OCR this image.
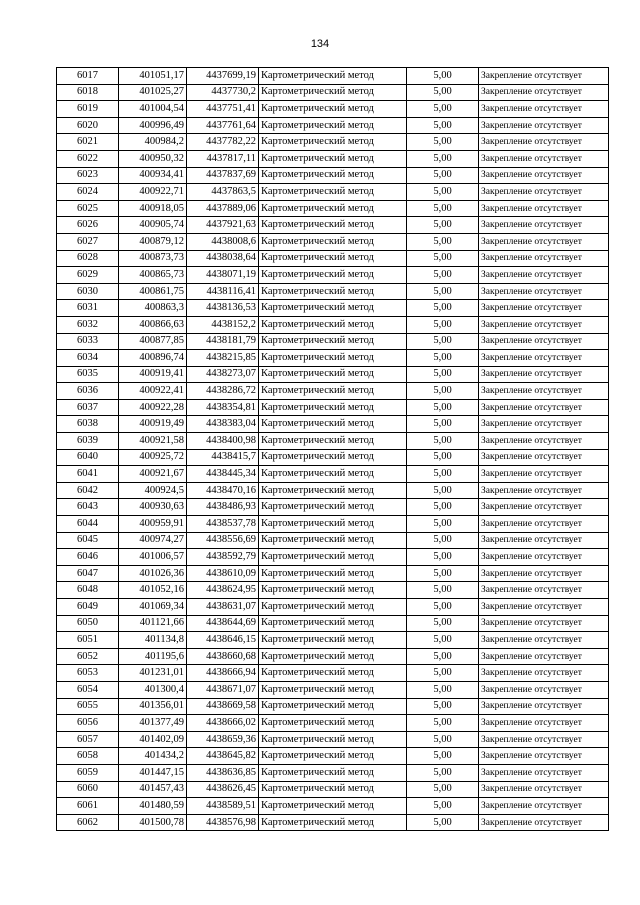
134
6017	401051,17	4437699,19	Картометрический метод	5,00	Закрепление отсутствует
6018	401025,27	4437730,2	Картометрический метод	5,00	Закрепление отсутствует
6019	401004,54	4437751,41	Картометрический метод	5,00	Закрепление отсутствует
6020	400996,49	4437761,64	Картометрический метод	5,00	Закрепление отсутствует
6021	400984,2	4437782,22	Картометрический метод	5,00	Закрепление отсутствует
6022	400950,32	4437817,11	Картометрический метод	5,00	Закрепление отсутствует
6023	400934,41	4437837,69	Картометрический метод	5,00	Закрепление отсутствует
6024	400922,71	4437863,5	Картометрический метод	5,00	Закрепление отсутствует
6025	400918,05	4437889,06	Картометрический метод	5,00	Закрепление отсутствует
6026	400905,74	4437921,63	Картометрический метод	5,00	Закрепление отсутствует
6027	400879,12	4438008,6	Картометрический метод	5,00	Закрепление отсутствует
6028	400873,73	4438038,64	Картометрический метод	5,00	Закрепление отсутствует
6029	400865,73	4438071,19	Картометрический метод	5,00	Закрепление отсутствует
6030	400861,75	4438116,41	Картометрический метод	5,00	Закрепление отсутствует
6031	400863,3	4438136,53	Картометрический метод	5,00	Закрепление отсутствует
6032	400866,63	4438152,2	Картометрический метод	5,00	Закрепление отсутствует
6033	400877,85	4438181,79	Картометрический метод	5,00	Закрепление отсутствует
6034	400896,74	4438215,85	Картометрический метод	5,00	Закрепление отсутствует
6035	400919,41	4438273,07	Картометрический метод	5,00	Закрепление отсутствует
6036	400922,41	4438286,72	Картометрический метод	5,00	Закрепление отсутствует
6037	400922,28	4438354,81	Картометрический метод	5,00	Закрепление отсутствует
6038	400919,49	4438383,04	Картометрический метод	5,00	Закрепление отсутствует
6039	400921,58	4438400,98	Картометрический метод	5,00	Закрепление отсутствует
6040	400925,72	4438415,7	Картометрический метод	5,00	Закрепление отсутствует
6041	400921,67	4438445,34	Картометрический метод	5,00	Закрепление отсутствует
6042	400924,5	4438470,16	Картометрический метод	5,00	Закрепление отсутствует
6043	400930,63	4438486,93	Картометрический метод	5,00	Закрепление отсутствует
6044	400959,91	4438537,78	Картометрический метод	5,00	Закрепление отсутствует
6045	400974,27	4438556,69	Картометрический метод	5,00	Закрепление отсутствует
6046	401006,57	4438592,79	Картометрический метод	5,00	Закрепление отсутствует
6047	401026,36	4438610,09	Картометрический метод	5,00	Закрепление отсутствует
6048	401052,16	4438624,95	Картометрический метод	5,00	Закрепление отсутствует
6049	401069,34	4438631,07	Картометрический метод	5,00	Закрепление отсутствует
6050	401121,66	4438644,69	Картометрический метод	5,00	Закрепление отсутствует
6051	401134,8	4438646,15	Картометрический метод	5,00	Закрепление отсутствует
6052	401195,6	4438660,68	Картометрический метод	5,00	Закрепление отсутствует
6053	401231,01	4438666,94	Картометрический метод	5,00	Закрепление отсутствует
6054	401300,4	4438671,07	Картометрический метод	5,00	Закрепление отсутствует
6055	401356,01	4438669,58	Картометрический метод	5,00	Закрепление отсутствует
6056	401377,49	4438666,02	Картометрический метод	5,00	Закрепление отсутствует
6057	401402,09	4438659,36	Картометрический метод	5,00	Закрепление отсутствует
6058	401434,2	4438645,82	Картометрический метод	5,00	Закрепление отсутствует
6059	401447,15	4438636,85	Картометрический метод	5,00	Закрепление отсутствует
6060	401457,43	4438626,45	Картометрический метод	5,00	Закрепление отсутствует
6061	401480,59	4438589,51	Картометрический метод	5,00	Закрепление отсутствует
6062	401500,78	4438576,98	Картометрический метод	5,00	Закрепление отсутствует
